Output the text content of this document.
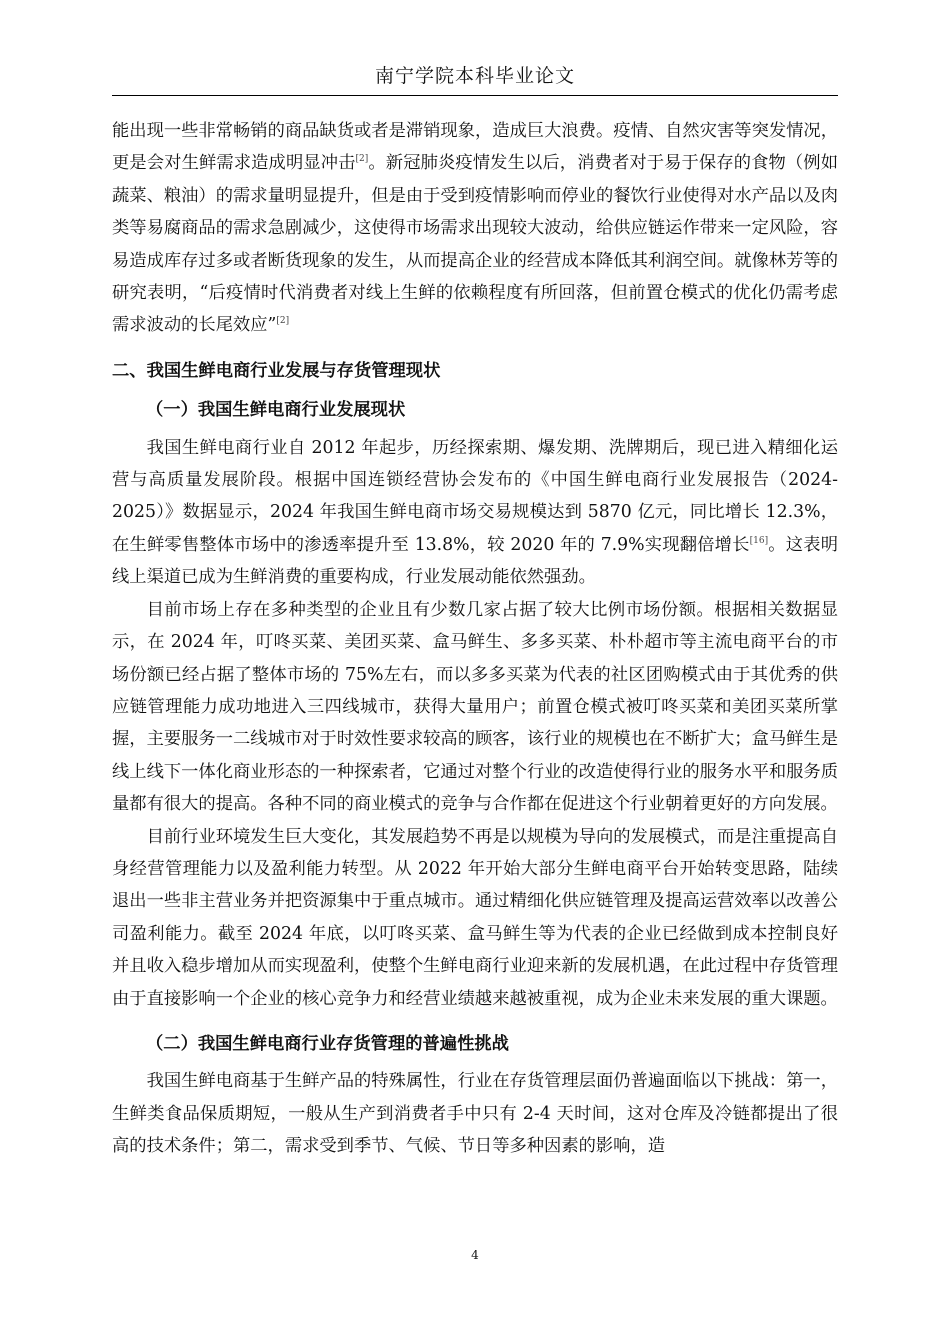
南宁学院本科毕业论文

能出现一些非常畅销的商品缺货或者是滞销现象，造成巨大浪费。疫情、自然灾害等突发情况，更是会对生鲜需求造成明显冲击[2]。新冠肺炎疫情发生以后，消费者对于易于保存的食物（例如蔬菜、粮油）的需求量明显提升，但是由于受到疫情影响而停业的餐饮行业使得对水产品以及肉类等易腐商品的需求急剧减少，这使得市场需求出现较大波动，给供应链运作带来一定风险，容易造成库存过多或者断货现象的发生，从而提高企业的经营成本降低其利润空间。就像林芳等的研究表明，“后疫情时代消费者对线上生鲜的依赖程度有所回落，但前置仓模式的优化仍需考虑需求波动的长尾效应”[2]

二、我国生鲜电商行业发展与存货管理现状
（一）我国生鲜电商行业发展现状

我国生鲜电商行业自 2012 年起步，历经探索期、爆发期、洗牌期后，现已进入精细化运营与高质量发展阶段。根据中国连锁经营协会发布的《中国生鲜电商行业发展报告（2024-2025）》数据显示，2024 年我国生鲜电商市场交易规模达到 5870 亿元，同比增长 12.3%，在生鲜零售整体市场中的渗透率提升至 13.8%，较 2020 年的 7.9%实现翻倍增长[16]。这表明线上渠道已成为生鲜消费的重要构成，行业发展动能依然强劲。

目前市场上存在多种类型的企业且有少数几家占据了较大比例市场份额。根据相关数据显示，在 2024 年，叮咚买菜、美团买菜、盒马鲜生、多多买菜、朴朴超市等主流电商平台的市场份额已经占据了整体市场的 75%左右，而以多多买菜为代表的社区团购模式由于其优秀的供应链管理能力成功地进入三四线城市，获得大量用户；前置仓模式被叮咚买菜和美团买菜所掌握，主要服务一二线城市对于时效性要求较高的顾客，该行业的规模也在不断扩大；盒马鲜生是线上线下一体化商业形态的一种探索者，它通过对整个行业的改造使得行业的服务水平和服务质量都有很大的提高。各种不同的商业模式的竞争与合作都在促进这个行业朝着更好的方向发展。

目前行业环境发生巨大变化，其发展趋势不再是以规模为导向的发展模式，而是注重提高自身经营管理能力以及盈利能力转型。从 2022 年开始大部分生鲜电商平台开始转变思路，陆续退出一些非主营业务并把资源集中于重点城市。通过精细化供应链管理及提高运营效率以改善公司盈利能力。截至 2024 年底，以叮咚买菜、盒马鲜生等为代表的企业已经做到成本控制良好并且收入稳步增加从而实现盈利，使整个生鲜电商行业迎来新的发展机遇，在此过程中存货管理由于直接影响一个企业的核心竞争力和经营业绩越来越被重视，成为企业未来发展的重大课题。

（二）我国生鲜电商行业存货管理的普遍性挑战

我国生鲜电商基于生鲜产品的特殊属性，行业在存货管理层面仍普遍面临以下挑战：第一，生鲜类食品保质期短，一般从生产到消费者手中只有 2-4 天时间，这对仓库及冷链都提出了很高的技术条件；第二，需求受到季节、气候、节日等多种因素的影响，造

4
